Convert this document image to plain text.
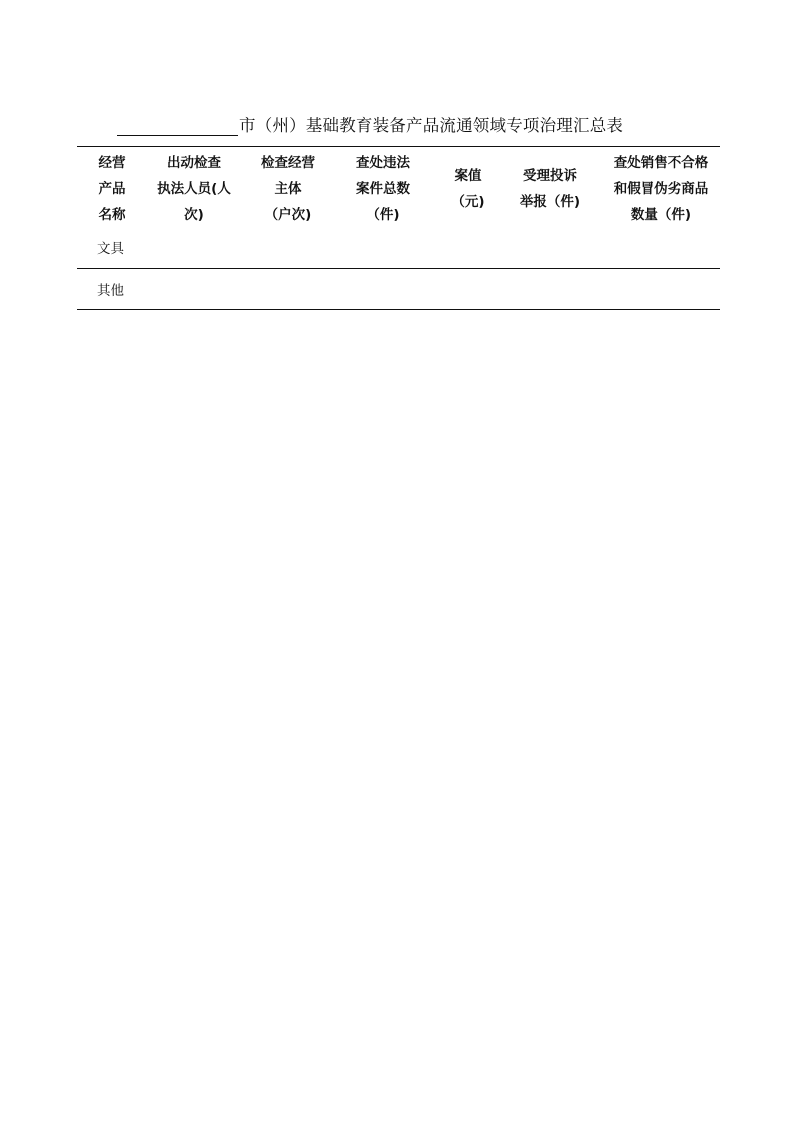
市（州）基础教育装备产品流通领域专项治理汇总表
经营
产品
名称
出动检查
执法人员(人
次)
检查经营
主体
（户次)
查处违法
案件总数
（件)
案值
（元)
受理投诉
举报（件)
查处销售不合格
和假冒伪劣商品
数量（件)
文具
其他
